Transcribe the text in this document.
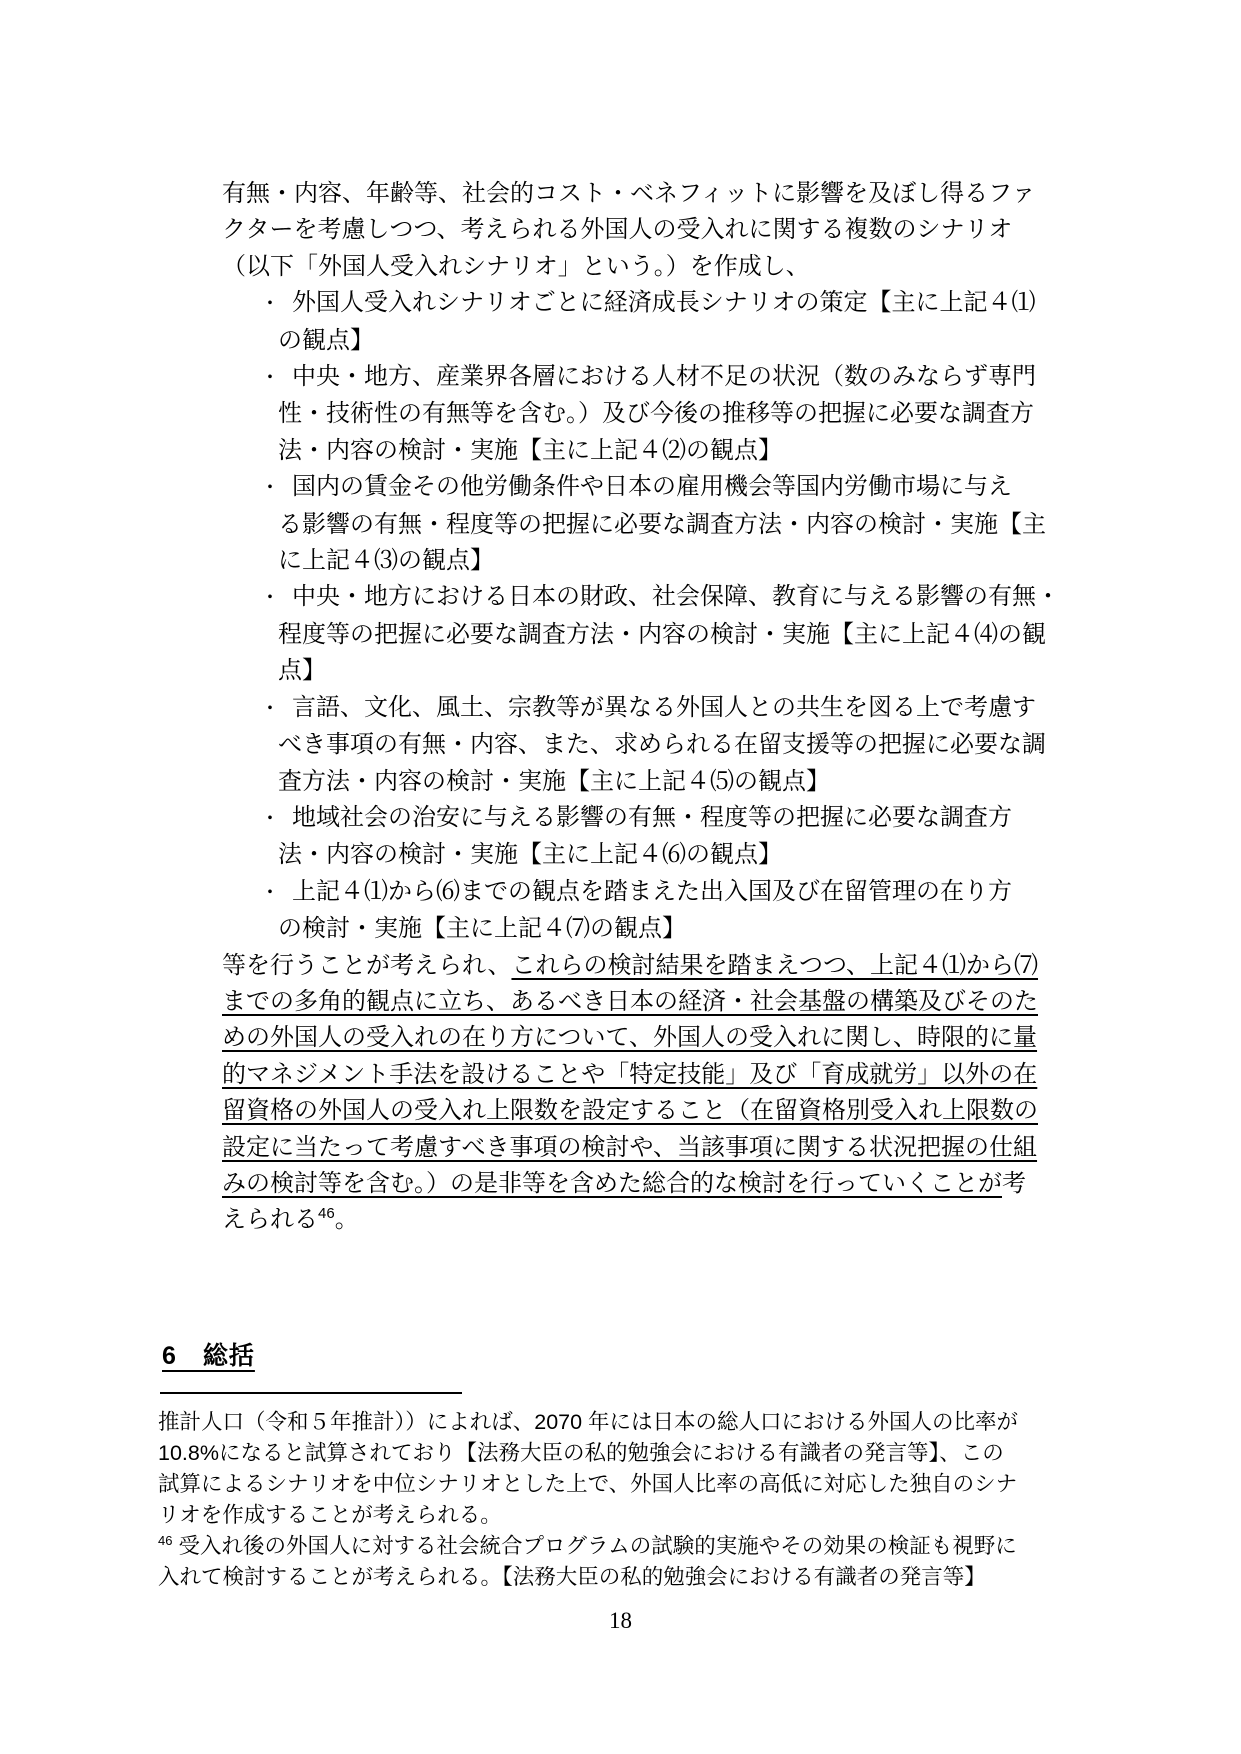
有無・内容、年齢等、社会的コスト・ベネフィットに影響を及ぼし得るファ
クターを考慮しつつ、考えられる外国人の受入れに関する複数のシナリオ
（以下「外国人受入れシナリオ」という。）を作成し、
・ 外国人受入れシナリオごとに経済成長シナリオの策定【主に上記４⑴
の観点】
・ 中央・地方、産業界各層における人材不足の状況（数のみならず専門
性・技術性の有無等を含む。）及び今後の推移等の把握に必要な調査方
法・内容の検討・実施【主に上記４⑵の観点】
・ 国内の賃金その他労働条件や日本の雇用機会等国内労働市場に与え
る影響の有無・程度等の把握に必要な調査方法・内容の検討・実施【主
に上記４⑶の観点】
・ 中央・地方における日本の財政、社会保障、教育に与える影響の有無・
程度等の把握に必要な調査方法・内容の検討・実施【主に上記４⑷の観
点】
・ 言語、文化、風土、宗教等が異なる外国人との共生を図る上で考慮す
べき事項の有無・内容、また、求められる在留支援等の把握に必要な調
査方法・内容の検討・実施【主に上記４⑸の観点】
・ 地域社会の治安に与える影響の有無・程度等の把握に必要な調査方
法・内容の検討・実施【主に上記４⑹の観点】
・ 上記４⑴から⑹までの観点を踏まえた出入国及び在留管理の在り方
の検討・実施【主に上記４⑺の観点】
等を行うことが考えられ、これらの検討結果を踏まえつつ、上記４⑴から⑺
までの多角的観点に立ち、あるべき日本の経済・社会基盤の構築及びそのた
めの外国人の受入れの在り方について、外国人の受入れに関し、時限的に量
的マネジメント手法を設けることや「特定技能」及び「育成就労」以外の在
留資格の外国人の受入れ上限数を設定すること（在留資格別受入れ上限数の
設定に当たって考慮すべき事項の検討や、当該事項に関する状況把握の仕組
みの検討等を含む。）の是非等を含めた総合的な検討を行っていくことが考
えられる$^{46}$。
6　総括
推計人口（令和５年推計））によれば、2070 年には日本の総人口における外国人の比率が
10.8%になると試算されており【法務大臣の私的勉強会における有識者の発言等】、この
試算によるシナリオを中位シナリオとした上で、外国人比率の高低に対応した独自のシナ
リオを作成することが考えられる。
$^{46}$ 受入れ後の外国人に対する社会統合プログラムの試験的実施やその効果の検証も視野に
入れて検討することが考えられる。【法務大臣の私的勉強会における有識者の発言等】
18
